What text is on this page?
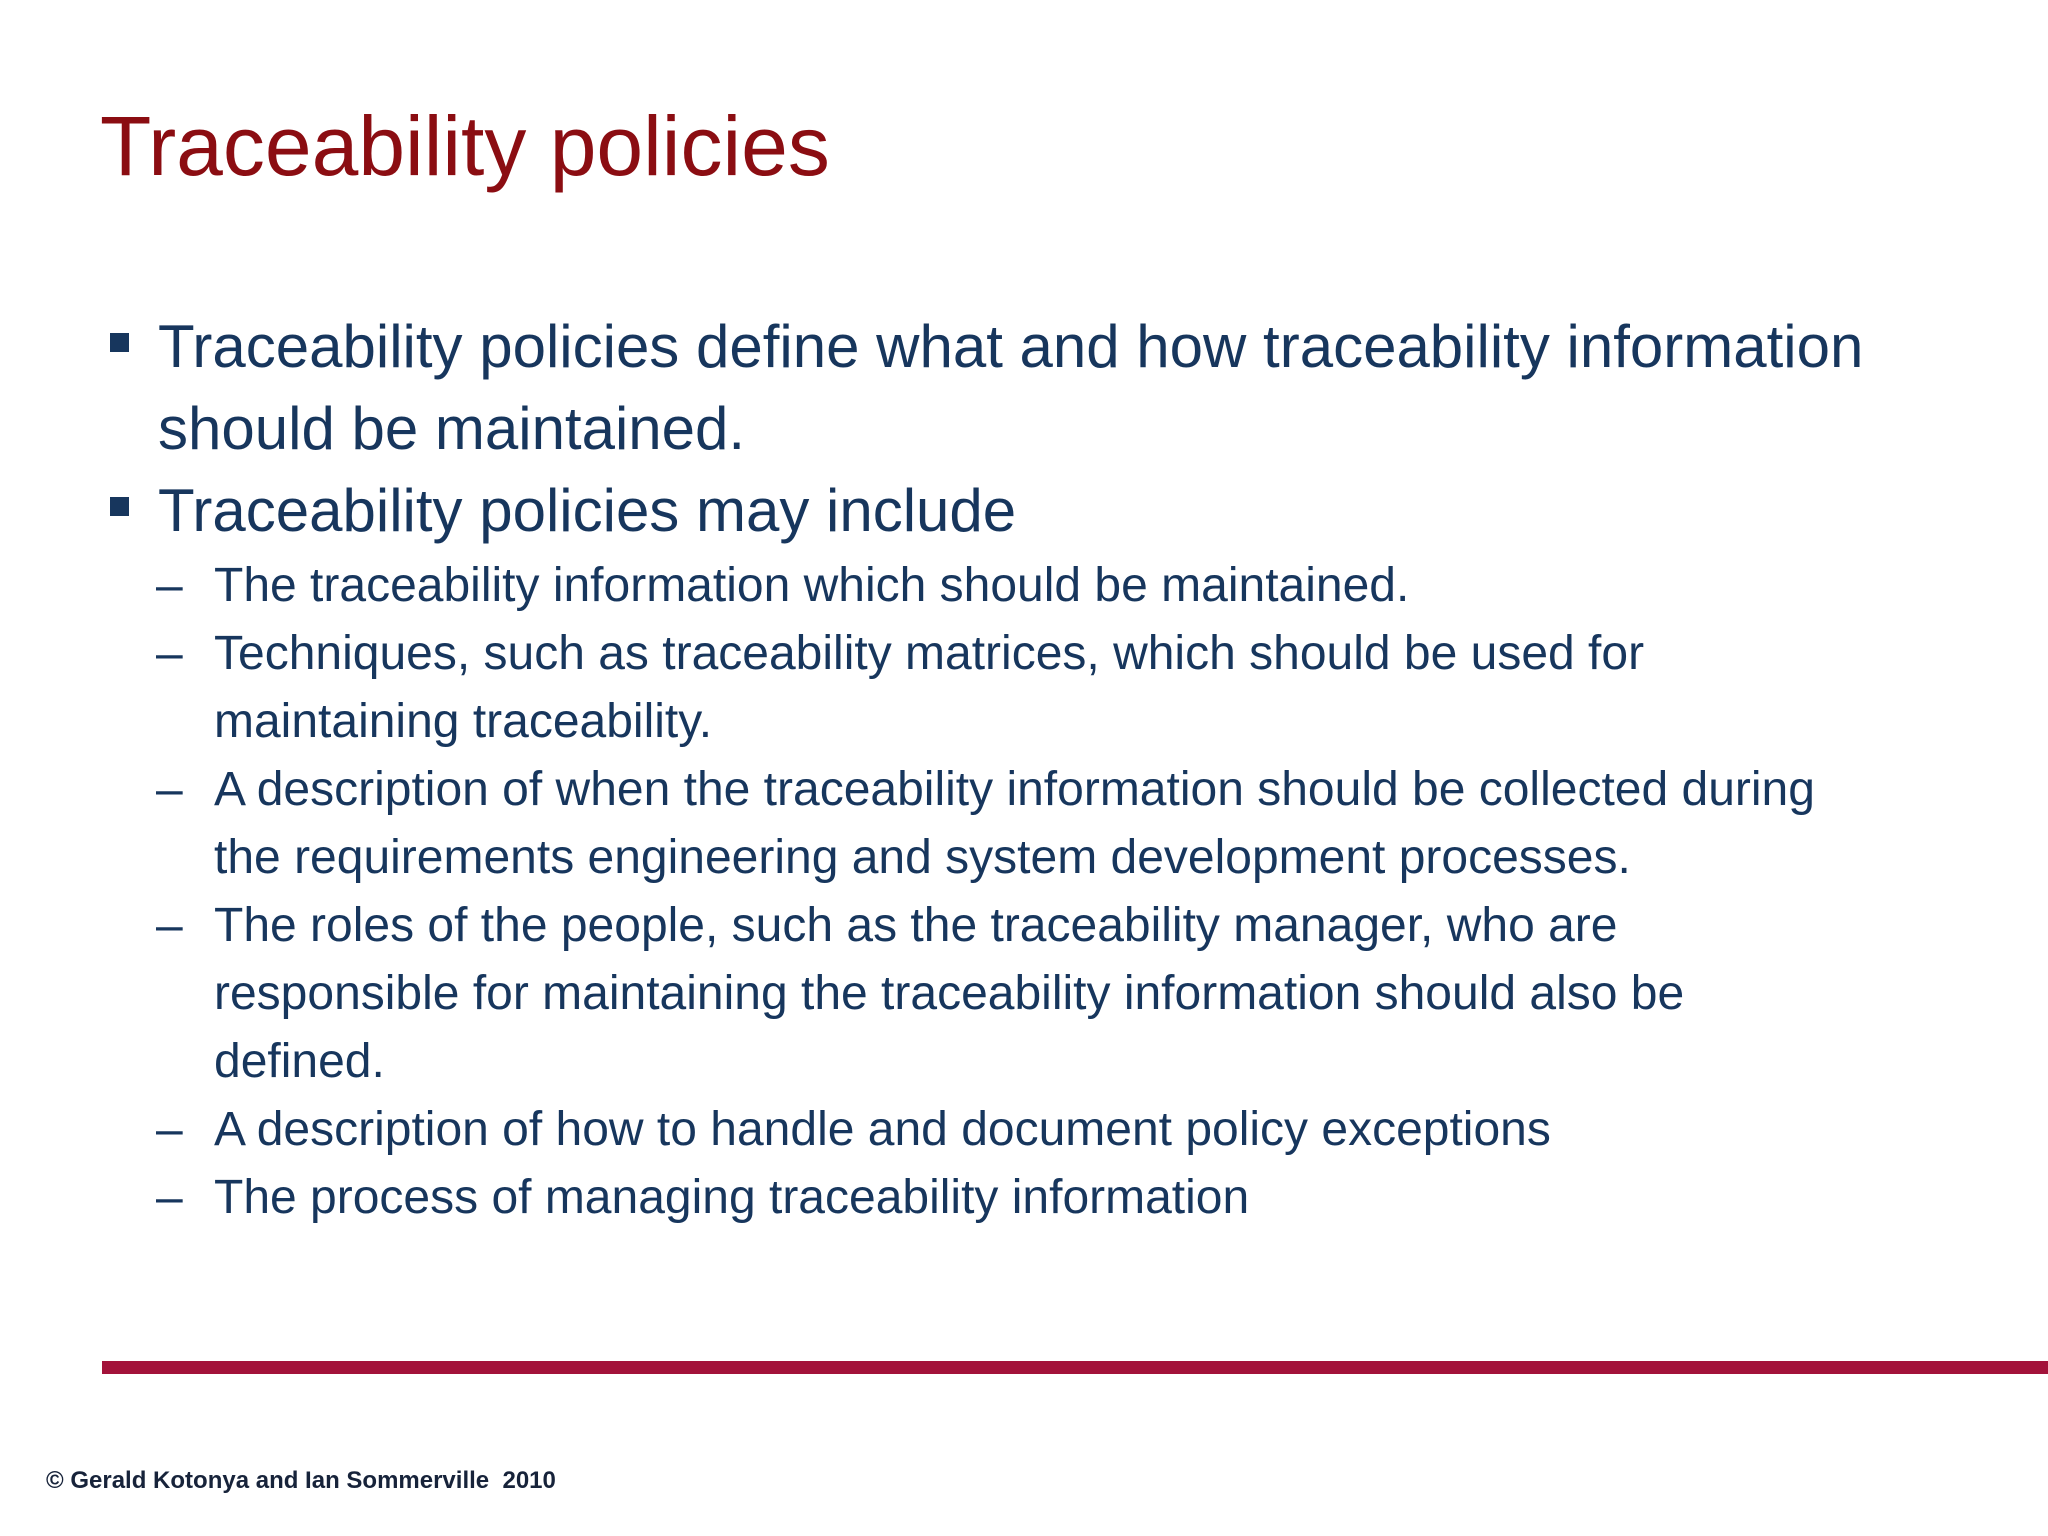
Traceability policies
Traceability policies define what and how traceability information
should be maintained.
Traceability policies may include
– The traceability information which should be maintained.
– Techniques, such as traceability matrices, which should be used for
maintaining traceability.
– A description of when the traceability information should be collected during
the requirements engineering and system development processes.
– The roles of the people, such as the traceability manager, who are
responsible for maintaining the traceability information should also be
defined.
– A description of how to handle and document policy exceptions
– The process of managing traceability information
© Gerald Kotonya and Ian Sommerville  2010
